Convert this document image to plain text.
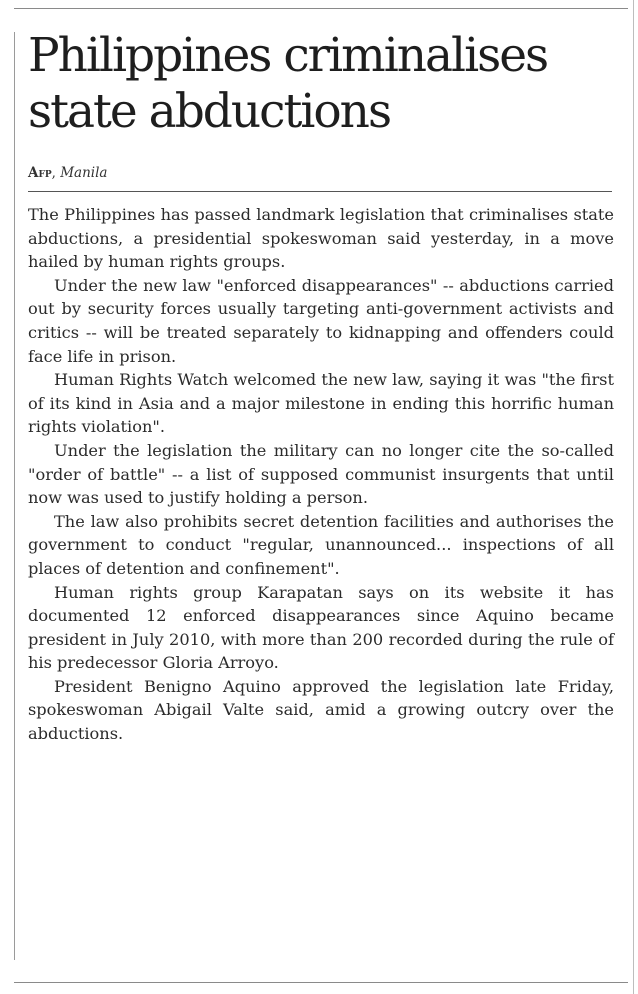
Philippines criminalises state abductions
Afp, Manila

The Philippines has passed landmark legislation that criminalises state abductions, a presidential spokeswoman said yesterday, in a move hailed by human rights groups.

Under the new law "enforced disappearances" -- abductions carried out by security forces usually targeting anti-government activists and critics -- will be treated separately to kidnapping and offenders could face life in prison.

Human Rights Watch welcomed the new law, saying it was "the first of its kind in Asia and a major milestone in ending this horrific human rights violation".

Under the legislation the military can no longer cite the so-called "order of battle" -- a list of supposed communist insurgents that until now was used to justify holding a person.

The law also prohibits secret detention facilities and authorises the government to conduct "regular, unannounced... inspections of all places of detention and confinement".

Human rights group Karapatan says on its website it has documented 12 enforced disappearances since Aquino became president in July 2010, with more than 200 recorded during the rule of his predecessor Gloria Arroyo.

President Benigno Aquino approved the legislation late Friday, spokeswoman Abigail Valte said, amid a growing outcry over the abductions.
